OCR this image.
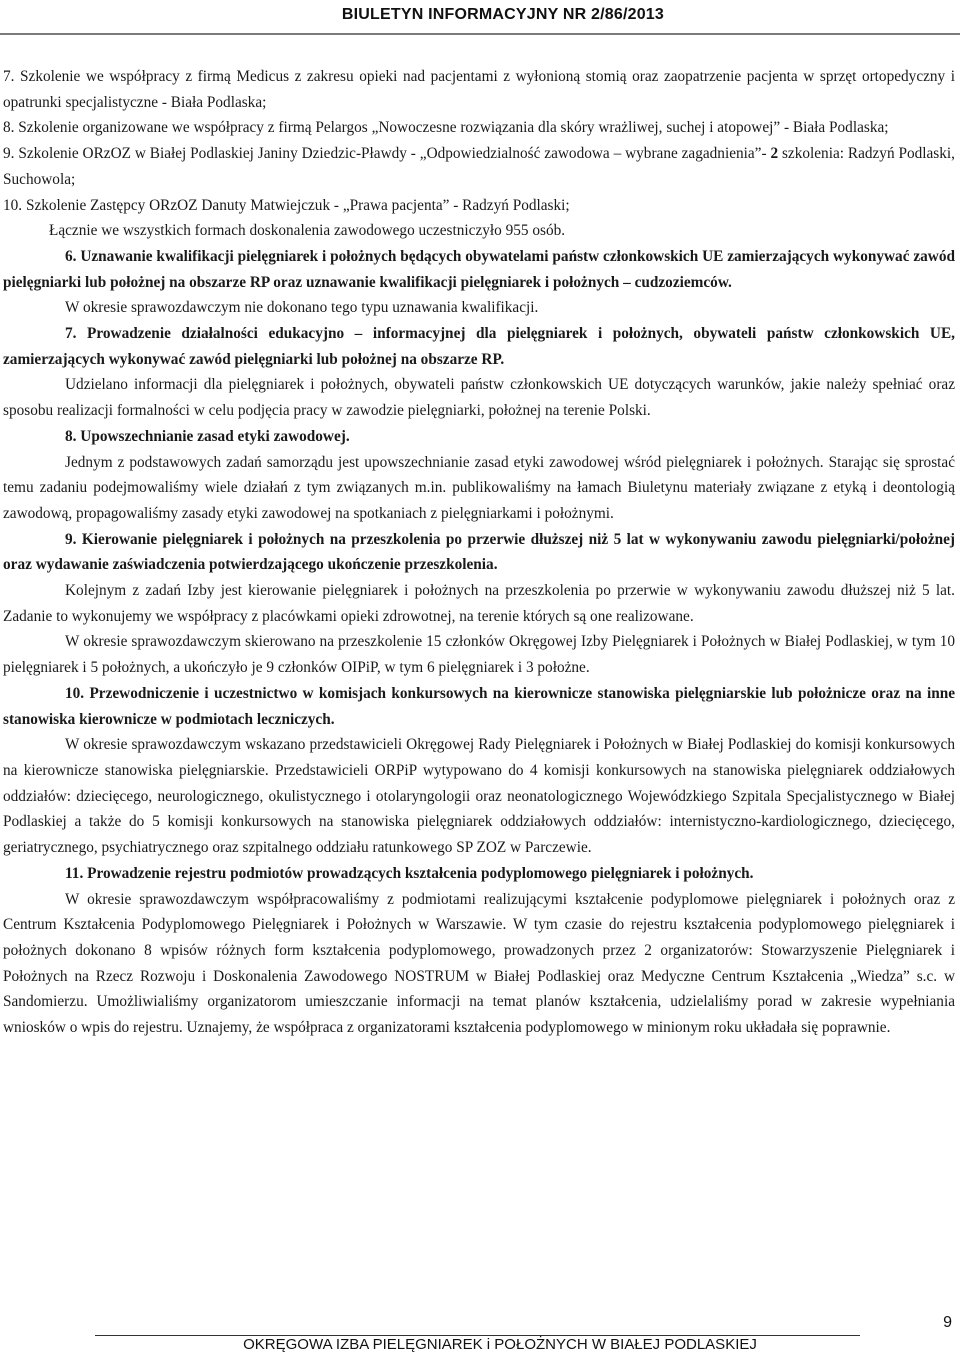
BIULETYN INFORMACYJNY NR 2/86/2013

7. Szkolenie we współpracy z firmą Medicus z zakresu opieki nad pacjentami z wyłonioną stomią oraz zaopatrzenie pacjenta w sprzęt ortopedyczny i opatrunki specjalistyczne - Biała Podlaska;

8. Szkolenie organizowane we współpracy z firmą Pelargos „Nowoczesne rozwiązania dla skóry wrażliwej, suchej i atopowej” - Biała Podlaska;

9. Szkolenie ORzOZ w Białej Podlaskiej Janiny Dziedzic-Pławdy - „Odpowiedzialność zawodowa – wybrane zagadnienia”- 2 szkolenia: Radzyń Podlaski, Suchowola;

10. Szkolenie Zastępcy ORzOZ Danuty Matwiejczuk - „Prawa pacjenta” - Radzyń Podlaski;

Łącznie we wszystkich formach doskonalenia zawodowego uczestniczyło 955 osób.

6. Uznawanie kwalifikacji pielęgniarek i położnych będących obywatelami państw członkowskich UE zamierzających wykonywać zawód pielęgniarki lub położnej na obszarze RP oraz uznawanie kwalifikacji pielęgniarek i położnych – cudzoziemców.

W okresie sprawozdawczym nie dokonano tego typu uznawania kwalifikacji.

7. Prowadzenie działalności edukacyjno – informacyjnej dla pielęgniarek i położnych, obywateli państw członkowskich UE, zamierzających wykonywać zawód pielęgniarki lub położnej na obszarze RP.

Udzielano informacji dla pielęgniarek i położnych, obywateli państw członkowskich UE dotyczących warunków, jakie należy spełniać oraz sposobu realizacji formalności w celu podjęcia pracy w zawodzie pielęgniarki, położnej na terenie Polski.

8. Upowszechnianie zasad etyki zawodowej.

Jednym z podstawowych zadań samorządu jest upowszechnianie zasad etyki zawodowej wśród pielęgniarek i położnych. Starając się sprostać temu zadaniu podejmowaliśmy wiele działań z tym związanych m.in. publikowaliśmy na łamach Biuletynu materiały związane z etyką i deontologią zawodową, propagowaliśmy zasady etyki zawodowej na spotkaniach z pielęgniarkami i położnymi.

9. Kierowanie pielęgniarek i położnych na przeszkolenia po przerwie dłuższej niż 5 lat w wykonywaniu zawodu pielęgniarki/położnej oraz wydawanie zaświadczenia potwierdzającego ukończenie przeszkolenia.

Kolejnym z zadań Izby jest kierowanie pielęgniarek i położnych na przeszkolenia po przerwie w wykonywaniu zawodu dłuższej niż 5 lat. Zadanie to wykonujemy we współpracy z placówkami opieki zdrowotnej, na terenie których są one realizowane.

W okresie sprawozdawczym skierowano na przeszkolenie 15 członków Okręgowej Izby Pielęgniarek i Położnych w Białej Podlaskiej, w tym 10 pielęgniarek i 5 położnych, a ukończyło je 9 członków OIPiP, w tym 6 pielęgniarek i 3 położne.

10. Przewodniczenie i uczestnictwo w komisjach konkursowych na kierownicze stanowiska pielęgniarskie lub położnicze oraz na inne stanowiska kierownicze w podmiotach leczniczych.

W okresie sprawozdawczym wskazano przedstawicieli Okręgowej Rady Pielęgniarek i Położnych w Białej Podlaskiej do komisji konkursowych na kierownicze stanowiska pielęgniarskie. Przedstawicieli ORPiP wytypowano do 4 komisji konkursowych na stanowiska pielęgniarek oddziałowych oddziałów: dziecięcego, neurologicznego, okulistycznego i otolaryngologii oraz neonatologicznego Wojewódzkiego Szpitala Specjalistycznego w Białej Podlaskiej a także do 5 komisji konkursowych na stanowiska pielęgniarek oddziałowych oddziałów: internistyczno-kardiologicznego, dziecięcego, geriatrycznego, psychiatrycznego oraz szpitalnego oddziału ratunkowego SP ZOZ w Parczewie.

11. Prowadzenie rejestru podmiotów prowadzących kształcenia podyplomowego pielęgniarek i położnych.

W okresie sprawozdawczym współpracowaliśmy z podmiotami realizującymi kształcenie podyplomowe pielęgniarek i położnych oraz z Centrum Kształcenia Podyplomowego Pielęgniarek i Położnych w Warszawie. W tym czasie do rejestru kształcenia podyplomowego pielęgniarek i położnych dokonano 8 wpisów różnych form kształcenia podyplomowego, prowadzonych przez 2 organizatorów: Stowarzyszenie Pielęgniarek i Położnych na Rzecz Rozwoju i Doskonalenia Zawodowego NOSTRUM w Białej Podlaskiej oraz Medyczne Centrum Kształcenia „Wiedza” s.c. w Sandomierzu. Umożliwialiśmy organizatorom umieszczanie informacji na temat planów kształcenia, udzielaliśmy porad w zakresie wypełniania wniosków o wpis do rejestru. Uznajemy, że współpraca z organizatorami kształcenia podyplomowego w minionym roku układała się poprawnie.

9
OKRĘGOWA IZBA PIELĘGNIAREK i POŁOŻNYCH W BIAŁEJ PODLASKIEJ
